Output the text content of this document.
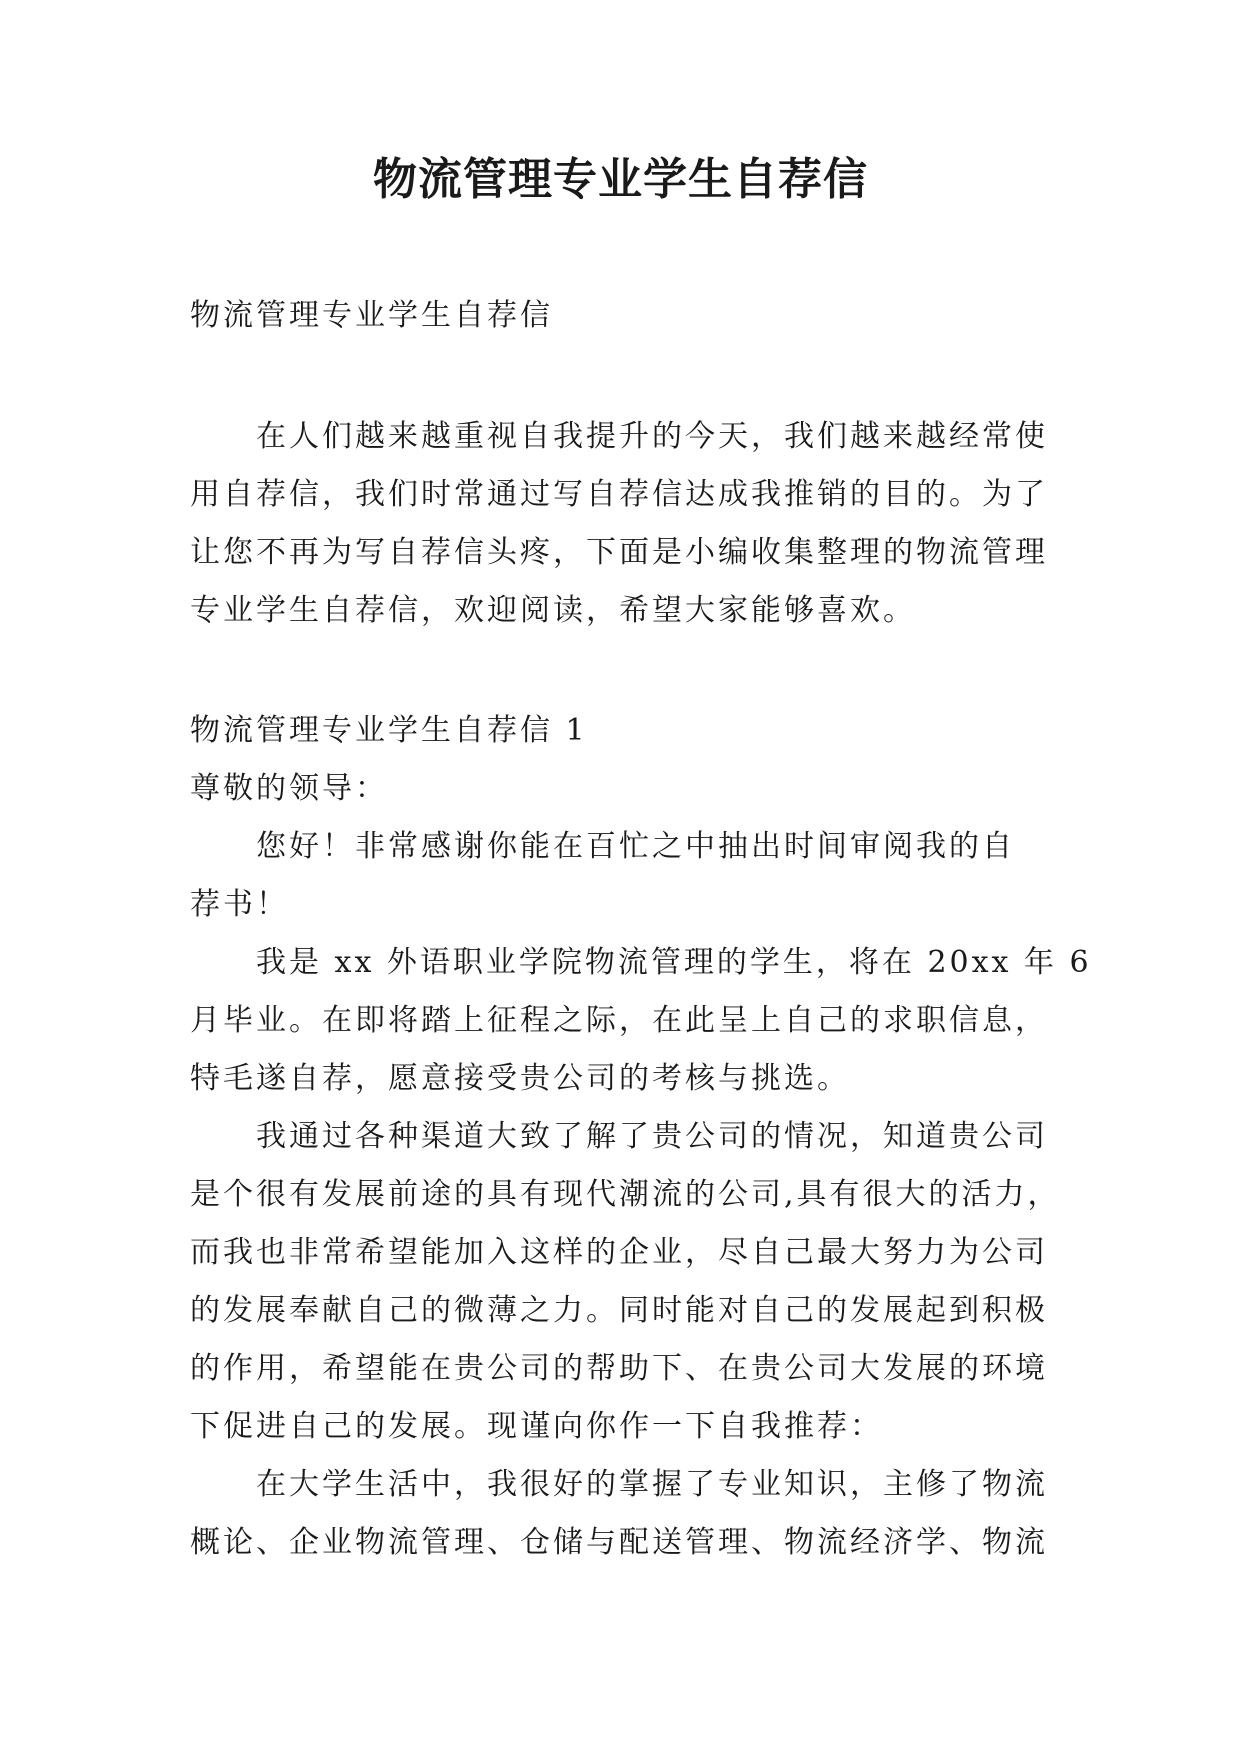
物流管理专业学生自荐信

物流管理专业学生自荐信

在人们越来越重视自我提升的今天，我们越来越经常使
用自荐信，我们时常通过写自荐信达成我推销的目的。为了
让您不再为写自荐信头疼，下面是小编收集整理的物流管理
专业学生自荐信，欢迎阅读，希望大家能够喜欢。
物流管理专业学生自荐信 1
尊敬的领导：
您好！非常感谢你能在百忙之中抽出时间审阅我的自
荐书！
我是 xx 外语职业学院物流管理的学生，将在 20xx 年 6
月毕业。在即将踏上征程之际，在此呈上自己的求职信息，
特毛遂自荐，愿意接受贵公司的考核与挑选。
我通过各种渠道大致了解了贵公司的情况，知道贵公司
是个很有发展前途的具有现代潮流的公司,具有很大的活力，
而我也非常希望能加入这样的企业，尽自己最大努力为公司
的发展奉献自己的微薄之力。同时能对自己的发展起到积极
的作用，希望能在贵公司的帮助下、在贵公司大发展的环境
下促进自己的发展。现谨向你作一下自我推荐：
在大学生活中，我很好的掌握了专业知识，主修了物流
概论、企业物流管理、仓储与配送管理、物流经济学、物流
